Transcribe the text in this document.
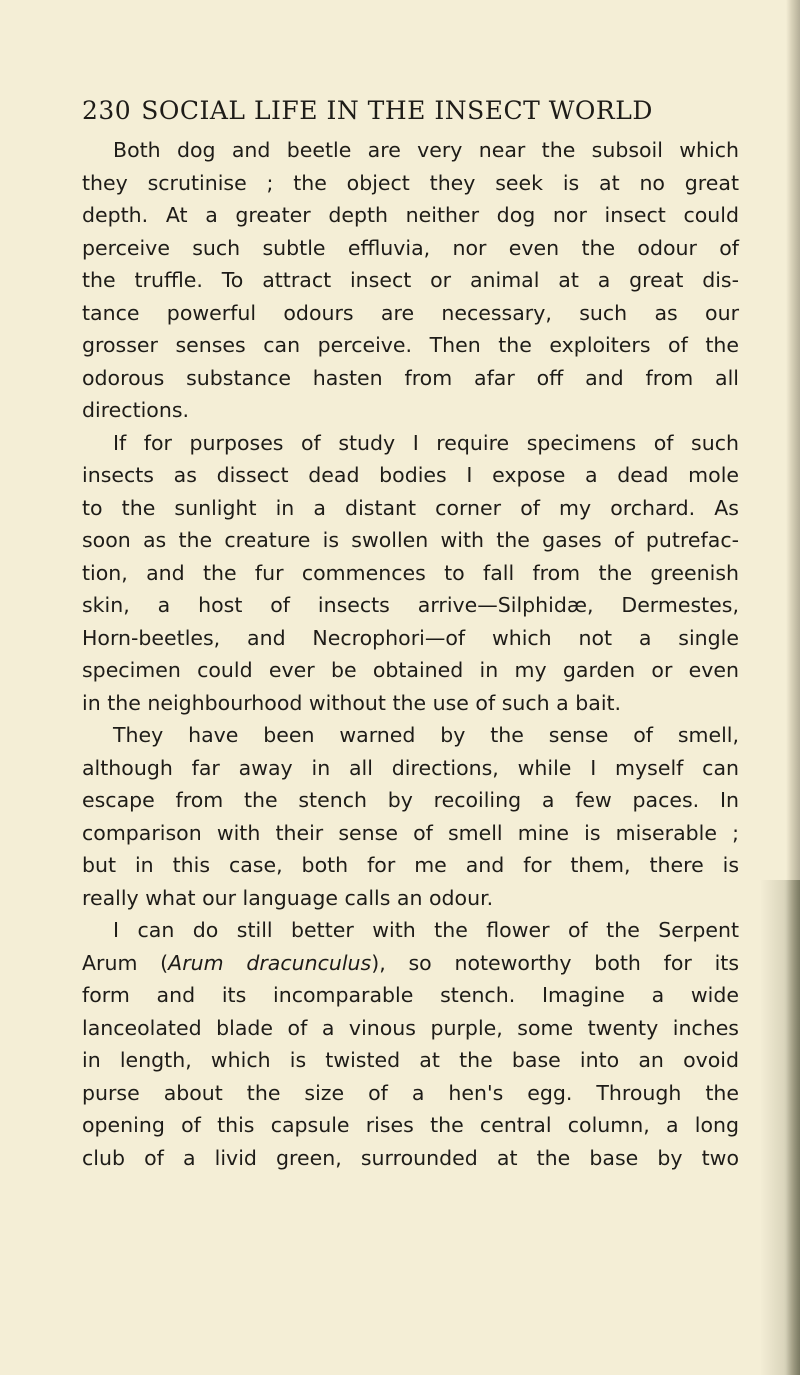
230 SOCIAL LIFE IN THE INSECT WORLD
Both dog and beetle are very near the subsoil which
they scrutinise ; the object they seek is at no great
depth. At a greater depth neither dog nor insect could
perceive such subtle effluvia, nor even the odour of
the truffle. To attract insect or animal at a great dis-
tance powerful odours are necessary, such as our
grosser senses can perceive. Then the exploiters of the
odorous substance hasten from afar off and from all
directions.
If for purposes of study I require specimens of such
insects as dissect dead bodies I expose a dead mole
to the sunlight in a distant corner of my orchard. As
soon as the creature is swollen with the gases of putrefac-
tion, and the fur commences to fall from the greenish
skin, a host of insects arrive—Silphidæ, Dermestes,
Horn-beetles, and Necrophori—of which not a single
specimen could ever be obtained in my garden or even
in the neighbourhood without the use of such a bait.
They have been warned by the sense of smell,
although far away in all directions, while I myself can
escape from the stench by recoiling a few paces. In
comparison with their sense of smell mine is miserable ;
but in this case, both for me and for them, there is
really what our language calls an odour.
I can do still better with the flower of the Serpent
Arum (Arum dracunculus), so noteworthy both for its
form and its incomparable stench. Imagine a wide
lanceolated blade of a vinous purple, some twenty inches
in length, which is twisted at the base into an ovoid
purse about the size of a hen's egg. Through the
opening of this capsule rises the central column, a long
club of a livid green, surrounded at the base by two
